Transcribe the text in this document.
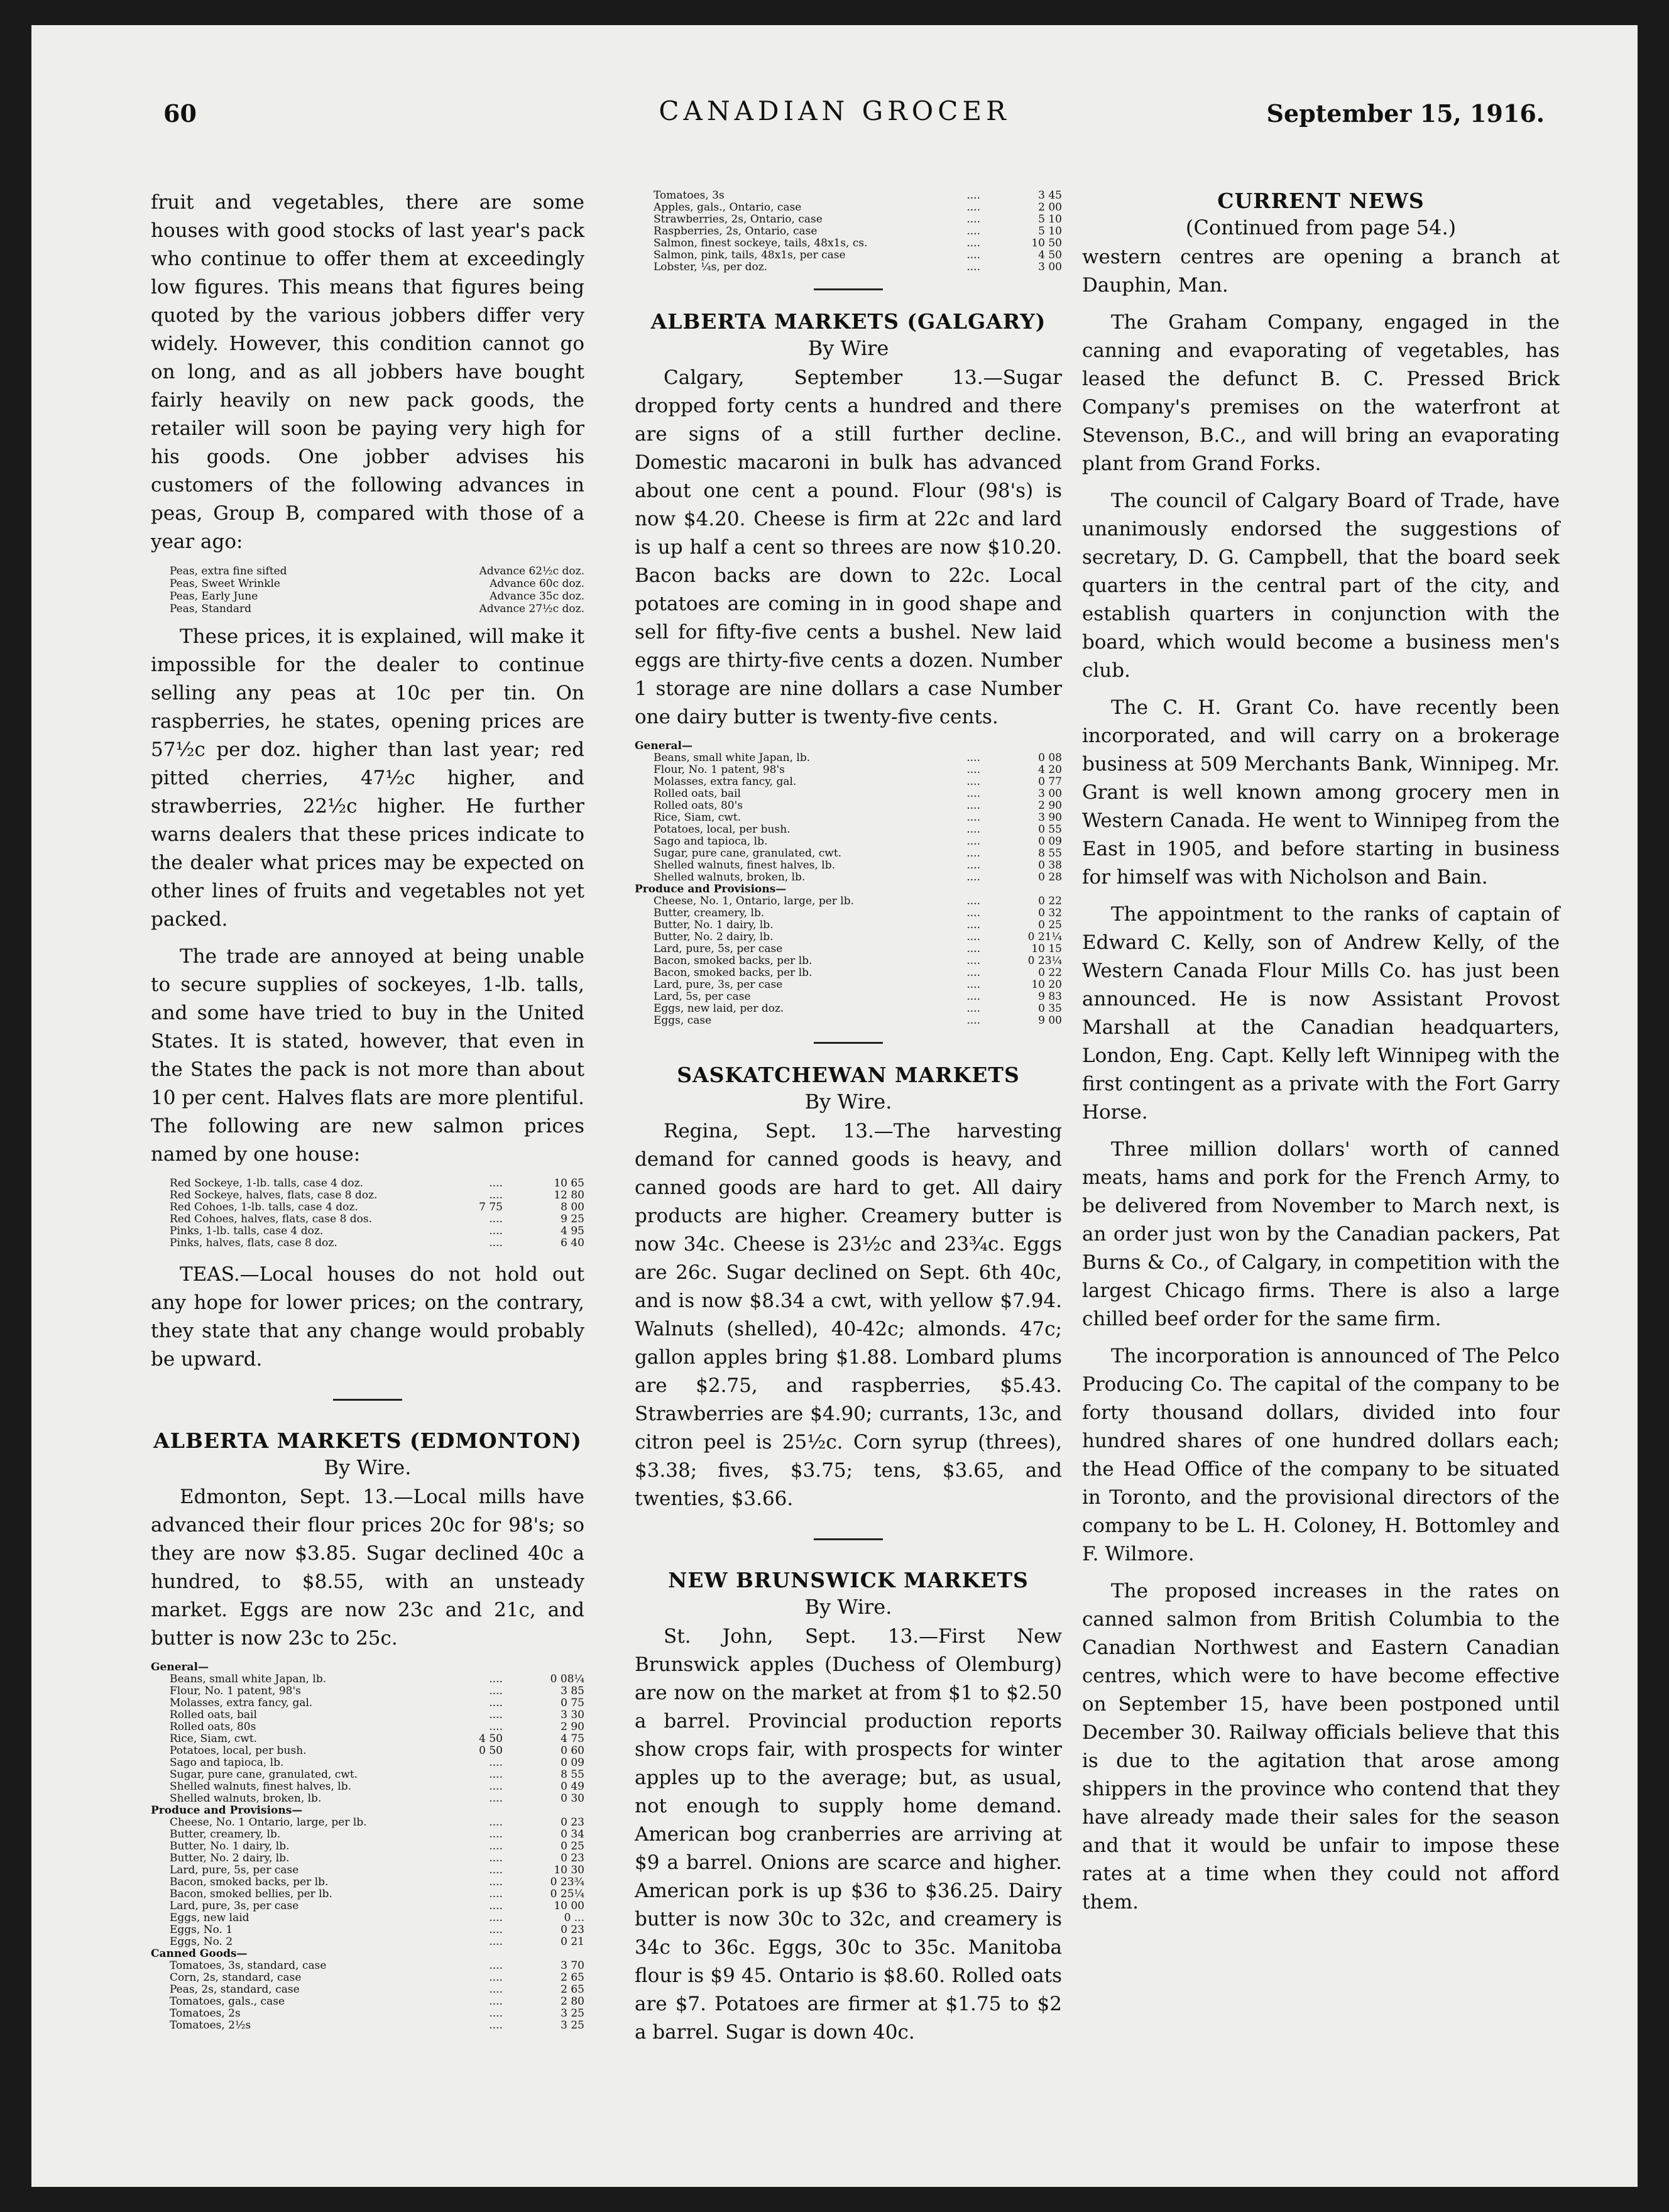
60	CANADIAN GROCER	September 15, 1916.

fruit and vegetables, there are some houses with good stocks of last year's pack who continue to offer them at exceedingly low figures. This means that figures being quoted by the various jobbers differ very widely. However, this condition cannot go on long, and as all jobbers have bought fairly heavily on new pack goods, the retailer will soon be paying very high for his goods. One jobber advises his customers of the following advances in peas, Group B, compared with those of a year ago:

Peas, extra fine sifted	Advance 62½c doz.
Peas, Sweet Wrinkle	Advance 60c doz.
Peas, Early June	Advance 35c doz.
Peas, Standard	Advance 27½c doz.

These prices, it is explained, will make it impossible for the dealer to continue selling any peas at 10c per tin. On raspberries, he states, opening prices are 57½c per doz. higher than last year; red pitted cherries, 47½c higher, and strawberries, 22½c higher. He further warns dealers that these prices indicate to the dealer what prices may be expected on other lines of fruits and vegetables not yet packed.

The trade are annoyed at being unable to secure supplies of sockeyes, 1-lb. talls, and some have tried to buy in the United States. It is stated, however, that even in the States the pack is not more than about 10 per cent. Halves flats are more plentiful. The following are new salmon prices named by one house:

Red Sockeye, 1-lb. talls, case 4 doz.	....		10 65
Red Sockeye, halves, flats, case 8 doz.	....		12 80
Red Cohoes, 1-lb. talls, case 4 doz.	7 75		8 00
Red Cohoes, halves, flats, case 8 dos.	....		9 25
Pinks, 1-lb. talls, case 4 doz.	....		4 95
Pinks, halves, flats, case 8 doz.	....		6 40

TEAS.—Local houses do not hold out any hope for lower prices; on the contrary, they state that any change would probably be upward.

ALBERTA MARKETS (EDMONTON)
By Wire.

Edmonton, Sept. 13.—Local mills have advanced their flour prices 20c for 98's; so they are now $3.85. Sugar declined 40c a hundred, to $8.55, with an unsteady market. Eggs are now 23c and 21c, and butter is now 23c to 25c.

General—			
Beans, small white Japan, lb.	....		0 08¼
Flour, No. 1 patent, 98's	....		3 85
Molasses, extra fancy, gal.	....		0 75
Rolled oats, bail	....		3 30
Rolled oats, 80s	....		2 90
Rice, Siam, cwt.	4 50		4 75
Potatoes, local, per bush.	0 50		0 60
Sago and tapioca, lb.	....		0 09
Sugar, pure cane, granulated, cwt.	....		8 55
Shelled walnuts, finest halves, lb.	....		0 49
Shelled walnuts, broken, lb.	....		0 30
Produce and Provisions—			
Cheese, No. 1 Ontario, large, per lb.	....		0 23
Butter, creamery, lb.	....		0 34
Butter, No. 1 dairy, lb.	....		0 25
Butter, No. 2 dairy, lb.	....		0 23
Lard, pure, 5s, per case	....		10 30
Bacon, smoked backs, per lb.	....		0 23¾
Bacon, smoked bellies, per lb.	....		0 25¼
Lard, pure, 3s, per case	....		10 00
Eggs, new laid	....		0 ...
Eggs, No. 1	....		0 23
Eggs, No. 2	....		0 21
Canned Goods—			
Tomatoes, 3s, standard, case	....		3 70
Corn, 2s, standard, case	....		2 65
Peas, 2s, standard, case	....		2 65
Tomatoes, gals., case	....		2 80
Tomatoes, 2s	....		3 25
Tomatoes, 2½s	....		3 25
Tomatoes, 3s	....		3 45
Apples, gals., Ontario, case	....		2 00
Strawberries, 2s, Ontario, case	....		5 10
Raspberries, 2s, Ontario, case	....		5 10
Salmon, finest sockeye, tails, 48x1s, cs.	....		10 50
Salmon, pink, tails, 48x1s, per case	....		4 50
Lobster, ¼s, per doz.	....		3 00
ALBERTA MARKETS (GALGARY)
By Wire

Calgary, September 13.—Sugar dropped forty cents a hundred and there are signs of a still further decline. Domestic macaroni in bulk has advanced about one cent a pound. Flour (98's) is now $4.20. Cheese is firm at 22c and lard is up half a cent so threes are now $10.20. Bacon backs are down to 22c. Local potatoes are coming in in good shape and sell for fifty-five cents a bushel. New laid eggs are thirty-five cents a dozen. Number 1 storage are nine dollars a case Number one dairy butter is twenty-five cents.

General—			
Beans, small white Japan, lb.	....		0 08
Flour, No. 1 patent, 98's	....		4 20
Molasses, extra fancy, gal.	....		0 77
Rolled oats, bail	....		3 00
Rolled oats, 80's	....		2 90
Rice, Siam, cwt.	....		3 90
Potatoes, local, per bush.	....		0 55
Sago and tapioca, lb.	....		0 09
Sugar, pure cane, granulated, cwt.	....		8 55
Shelled walnuts, finest halves, lb.	....		0 38
Shelled walnuts, broken, lb.	....		0 28
Produce and Provisions—			
Cheese, No. 1, Ontario, large, per lb.	....		0 22
Butter, creamery, lb.	....		0 32
Butter, No. 1 dairy, lb.	....		0 25
Butter, No. 2 dairy, lb.	....		0 21¼
Lard, pure, 5s, per case	....		10 15
Bacon, smoked backs, per lb.	....		0 23¼
Bacon, smoked backs, per lb.	....		0 22
Lard, pure, 3s, per case	....		10 20
Lard, 5s, per case	....		9 83
Eggs, new laid, per doz.	....		0 35
Eggs, case	....		9 00
SASKATCHEWAN MARKETS
By Wire.

Regina, Sept. 13.—The harvesting demand for canned goods is heavy, and canned goods are hard to get. All dairy products are higher. Creamery butter is now 34c. Cheese is 23½c and 23¾c. Eggs are 26c. Sugar declined on Sept. 6th 40c, and is now $8.34 a cwt, with yellow $7.94. Walnuts (shelled), 40-42c; almonds. 47c; gallon apples bring $1.88. Lombard plums are $2.75, and raspberries, $5.43. Strawberries are $4.90; currants, 13c, and citron peel is 25½c. Corn syrup (threes), $3.38; fives, $3.75; tens, $3.65, and twenties, $3.66.

NEW BRUNSWICK MARKETS
By Wire.

St. John, Sept. 13.—First New Brunswick apples (Duchess of Olemburg) are now on the market at from $1 to $2.50 a barrel. Provincial production reports show crops fair, with prospects for winter apples up to the average; but, as usual, not enough to supply home demand. American bog cranberries are arriving at $9 a barrel. Onions are scarce and higher. American pork is up $36 to $36.25. Dairy butter is now 30c to 32c, and creamery is 34c to 36c. Eggs, 30c to 35c. Manitoba flour is $9 45. Ontario is $8.60. Rolled oats are $7. Potatoes are firmer at $1.75 to $2 a barrel. Sugar is down 40c.

CURRENT NEWS
(Continued from page 54.)

western centres are opening a branch at Dauphin, Man.

The Graham Company, engaged in the canning and evaporating of vegetables, has leased the defunct B. C. Pressed Brick Company's premises on the waterfront at Stevenson, B.C., and will bring an evaporating plant from Grand Forks.

The council of Calgary Board of Trade, have unanimously endorsed the suggestions of secretary, D. G. Campbell, that the board seek quarters in the central part of the city, and establish quarters in conjunction with the board, which would become a business men's club.

The C. H. Grant Co. have recently been incorporated, and will carry on a brokerage business at 509 Merchants Bank, Winnipeg. Mr. Grant is well known among grocery men in Western Canada. He went to Winnipeg from the East in 1905, and before starting in business for himself was with Nicholson and Bain.

The appointment to the ranks of captain of Edward C. Kelly, son of Andrew Kelly, of the Western Canada Flour Mills Co. has just been announced. He is now Assistant Provost Marshall at the Canadian headquarters, London, Eng. Capt. Kelly left Winnipeg with the first contingent as a private with the Fort Garry Horse.

Three million dollars' worth of canned meats, hams and pork for the French Army, to be delivered from November to March next, is an order just won by the Canadian packers, Pat Burns & Co., of Calgary, in competition with the largest Chicago firms. There is also a large chilled beef order for the same firm.

The incorporation is announced of The Pelco Producing Co. The capital of the company to be forty thousand dollars, divided into four hundred shares of one hundred dollars each; the Head Office of the company to be situated in Toronto, and the provisional directors of the company to be L. H. Coloney, H. Bottomley and F. Wilmore.

The proposed increases in the rates on canned salmon from British Columbia to the Canadian Northwest and Eastern Canadian centres, which were to have become effective on September 15, have been postponed until December 30. Railway officials believe that this is due to the agitation that arose among shippers in the province who contend that they have already made their sales for the season and that it would be unfair to impose these rates at a time when they could not afford them.
